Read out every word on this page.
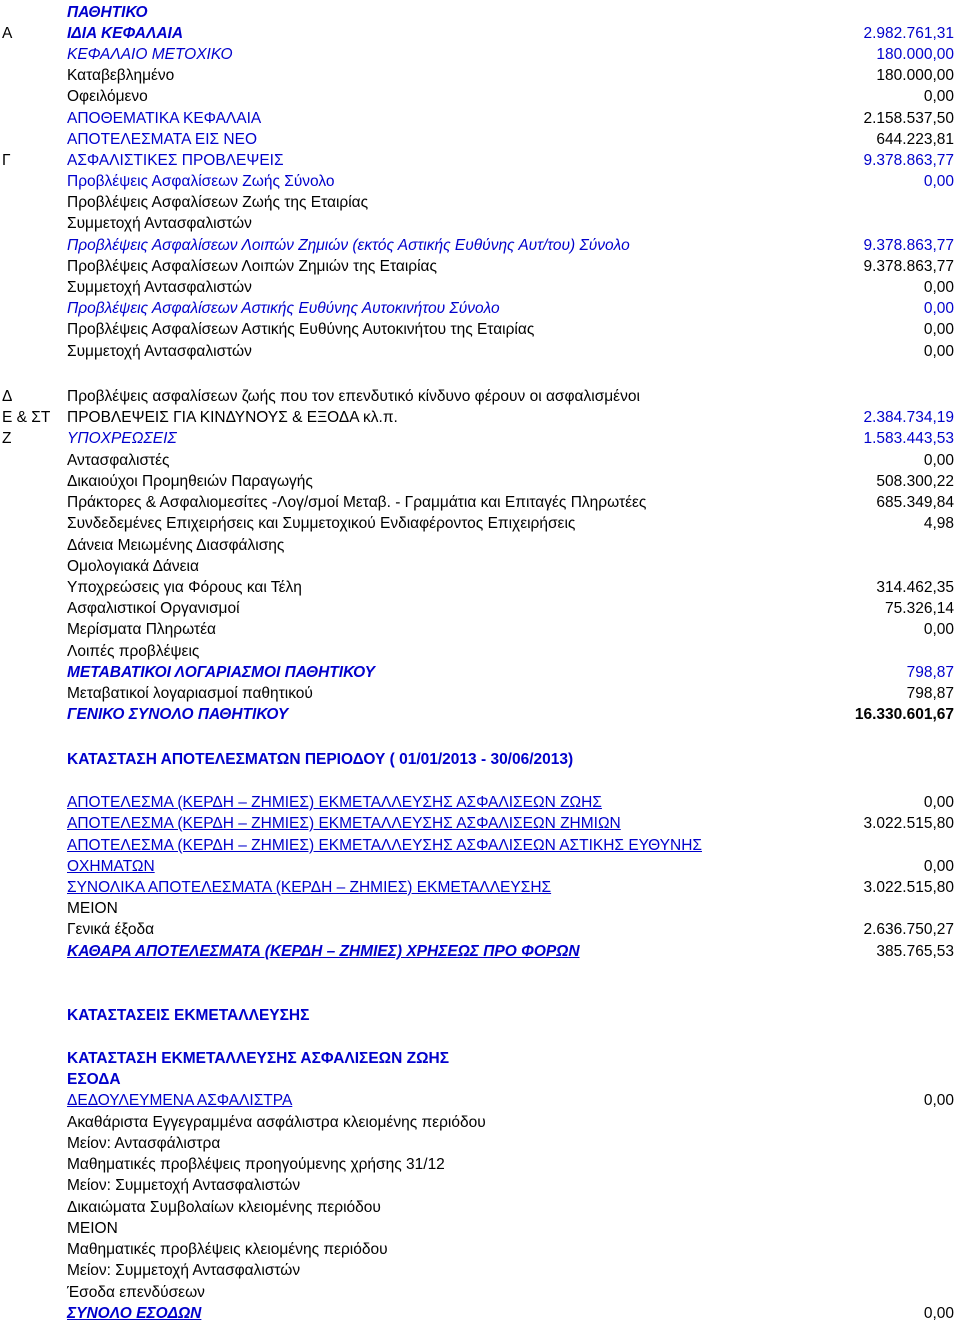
ΠΑΘΗΤΙΚΟ
Α	ΙΔΙΑ ΚΕΦΑΛΑΙΑ	2.982.761,31
ΚΕΦΑΛΑΙΟ ΜΕΤΟΧΙΚΟ	180.000,00
Καταβεβλημένο	180.000,00
Οφειλόμενο	0,00
ΑΠΟΘΕΜΑΤΙΚΑ ΚΕΦΑΛΑΙΑ	2.158.537,50
ΑΠΟΤΕΛΕΣΜΑΤΑ ΕΙΣ ΝΕΟ	644.223,81
Γ	ΑΣΦΑΛΙΣΤΙΚΕΣ ΠΡΟΒΛΕΨΕΙΣ	9.378.863,77
Προβλέψεις Ασφαλίσεων Ζωής Σύνολο	0,00
Προβλέψεις Ασφαλίσεων Ζωής της Εταιρίας
Συμμετοχή Αντασφαλιστών
Προβλέψεις Ασφαλίσεων Λοιπών Ζημιών (εκτός Αστικής Ευθύνης Αυτ/του) Σύνολο	9.378.863,77
Προβλέψεις Ασφαλίσεων Λοιπών Ζημιών της Εταιρίας	9.378.863,77
Συμμετοχή Αντασφαλιστών	0,00
Προβλέψεις Ασφαλίσεων Αστικής Ευθύνης Αυτοκινήτου Σύνολο	0,00
Προβλέψεις Ασφαλίσεων Αστικής Ευθύνης Αυτοκινήτου της Εταιρίας	0,00
Συμμετοχή Αντασφαλιστών	0,00
Δ	Προβλέψεις ασφαλίσεων ζωής που τον επενδυτικό κίνδυνο φέρουν οι ασφαλισμένοι
Ε & ΣΤ ΠΡΟΒΛΕΨΕΙΣ ΓΙΑ ΚΙΝΔΥΝΟΥΣ & ΕΞΟΔΑ κλ.π.	2.384.734,19
Ζ	ΥΠΟΧΡΕΩΣΕΙΣ	1.583.443,53
Αντασφαλιστές	0,00
Δικαιούχοι Προμηθειών Παραγωγής	508.300,22
Πράκτορες & Ασφαλιομεσίτες -Λογ/σμοί Μεταβ. - Γραμμάτια και Επιταγές Πληρωτέες	685.349,84
Συνδεδεμένες Επιχειρήσεις και Συμμετοχικού Ενδιαφέροντος Επιχειρήσεις	4,98
Δάνεια Μειωμένης Διασφάλισης
Ομολογιακά Δάνεια
Υποχρεώσεις για Φόρους και Τέλη	314.462,35
Ασφαλιστικοί Οργανισμοί	75.326,14
Μερίσματα Πληρωτέα	0,00
Λοιπές προβλέψεις
ΜΕΤΑΒΑΤΙΚΟΙ ΛΟΓΑΡΙΑΣΜΟΙ ΠΑΘΗΤΙΚΟΥ	798,87
Μεταβατικοί λογαριασμοί παθητικού	798,87
ΓΕΝΙΚΟ ΣΥΝΟΛΟ ΠΑΘΗΤΙΚΟΥ	16.330.601,67
ΚΑΤΑΣΤΑΣΗ ΑΠΟΤΕΛΕΣΜΑΤΩΝ ΠΕΡΙΟΔΟΥ ( 01/01/2013 - 30/06/2013)
ΑΠΟΤΕΛΕΣΜΑ (ΚΕΡΔΗ – ΖΗΜΙΕΣ) ΕΚΜΕΤΑΛΛΕΥΣΗΣ ΑΣΦΑΛΙΣΕΩΝ ΖΩΗΣ	0,00
ΑΠΟΤΕΛΕΣΜΑ (ΚΕΡΔΗ – ΖΗΜΙΕΣ) ΕΚΜΕΤΑΛΛΕΥΣΗΣ ΑΣΦΑΛΙΣΕΩΝ ΖΗΜΙΩΝ	3.022.515,80
ΑΠΟΤΕΛΕΣΜΑ (ΚΕΡΔΗ – ΖΗΜΙΕΣ) ΕΚΜΕΤΑΛΛΕΥΣΗΣ ΑΣΦΑΛΙΣΕΩΝ ΑΣΤΙΚΗΣ ΕΥΘΥΝΗΣ
ΟΧΗΜΑΤΩΝ	0,00
ΣΥΝΟΛΙΚΑ ΑΠΟΤΕΛΕΣΜΑΤΑ (ΚΕΡΔΗ – ΖΗΜΙΕΣ) ΕΚΜΕΤΑΛΛΕΥΣΗΣ	3.022.515,80
ΜΕΙΟΝ
Γενικά έξοδα	2.636.750,27
ΚΑΘΑΡΑ ΑΠΟΤΕΛΕΣΜΑΤΑ (ΚΕΡΔΗ – ΖΗΜΙΕΣ) ΧΡΗΣΕΩΣ ΠΡΟ ΦΟΡΩΝ	385.765,53
ΚΑΤΑΣΤΑΣΕΙΣ ΕΚΜΕΤΑΛΛΕΥΣΗΣ
ΚΑΤΑΣΤΑΣΗ ΕΚΜΕΤΑΛΛΕΥΣΗΣ ΑΣΦΑΛΙΣΕΩΝ ΖΩΗΣ
ΕΣΟΔΑ
ΔΕΔΟΥΛΕΥΜΕΝΑ ΑΣΦΑΛΙΣΤΡΑ	0,00
Ακαθάριστα Εγγεγραμμένα ασφάλιστρα κλειομένης περιόδου
Μείον: Αντασφάλιστρα
Μαθηματικές προβλέψεις προηγούμενης χρήσης 31/12
Μείον: Συμμετοχή Αντασφαλιστών
Δικαιώματα Συμβολαίων κλειομένης περιόδου
ΜΕΙΟΝ
Μαθηματικές προβλέψεις κλειομένης περιόδου
Μείον: Συμμετοχή Αντασφαλιστών
Έσοδα επενδύσεων
ΣΥΝΟΛΟ ΕΣΟΔΩΝ	0,00
